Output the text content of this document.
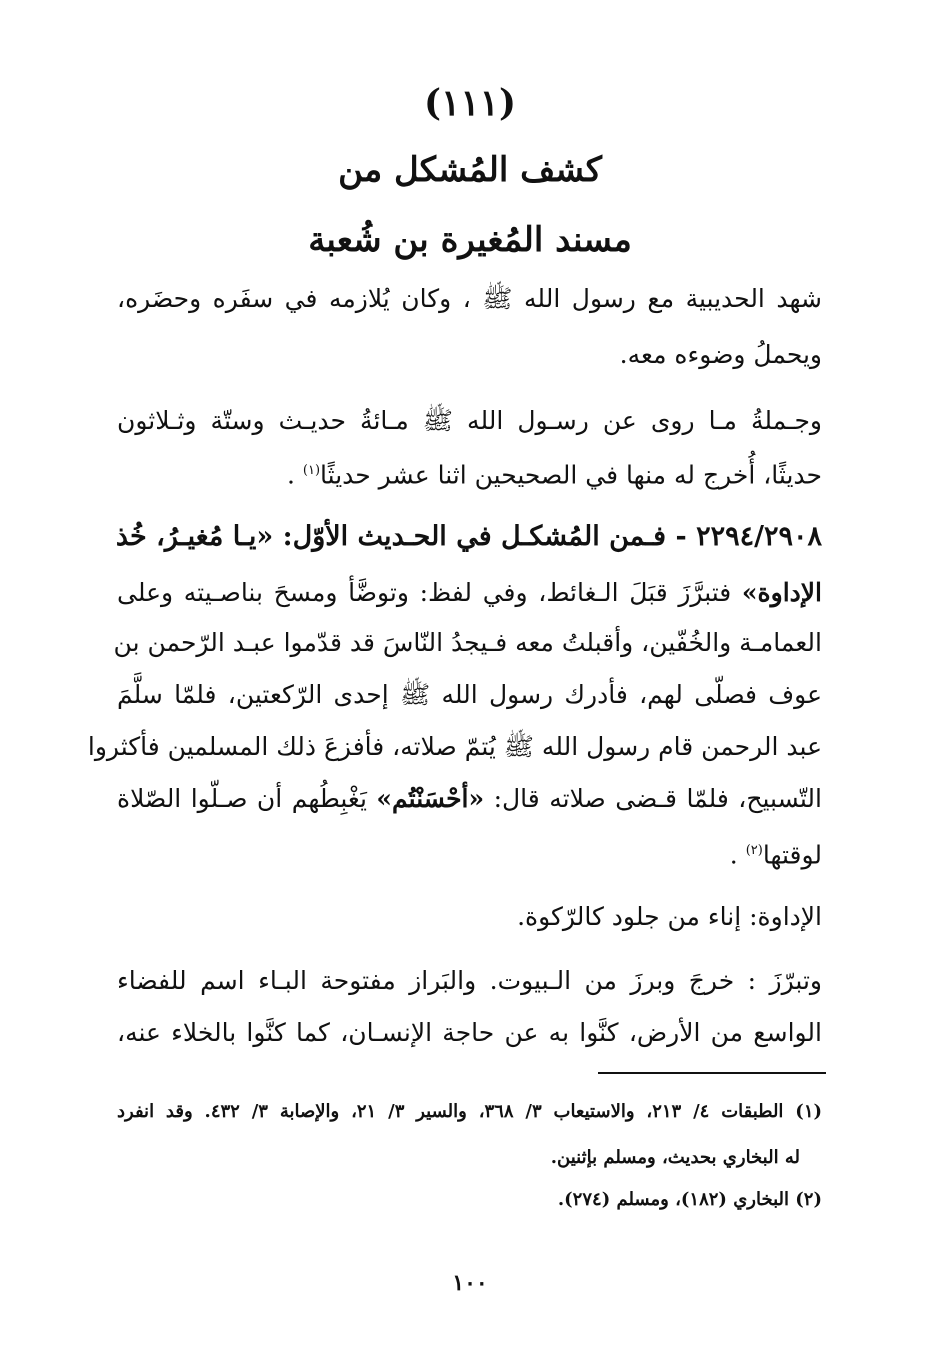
(١١١)
كشف المُشكل من
مسند المُغيرة بن شُعبة
شهد الحديبية مع رسول الله ﷺ ، وكان يُلازمه في سفَره وحضَره،
ويحملُ وضوءه معه.
وجـملةُ مـا روى عن رسـول الله ﷺ مـائةُ حديـث وستّة وثـلاثون
حديثًا، أُخرج له منها في الصحيحين اثنا عشر حديثًا$^{(١)}$ .
٢٢٩٤/٢٩٠٨ - فـمن المُشكـل في الحـديث الأوّل: «يـا مُغيـرُ، خُذ
الإداوة» فتبرَّزَ قبَلَ الـغائط، وفي لفظ: وتوضَّأ ومسحَ بناصـيته وعلى
العمامـة والخُفّين، وأقبلتُ معه فـيجدُ النّاسَ قد قدّموا عبـد الرّحمن بن
عوف فصلّى لهم، فأدرك رسول الله ﷺ إحدى الرّكعتين، فلمّا سلَّمَ
عبد الرحمن قام رسول الله ﷺ يُتمّ صلاته، فأفزعَ ذلك المسلمين فأكثروا
التّسبيح، فلمّا قـضى صلاته قال: «أحْسَنْتُم» يَغْبِطُهم أن صـلّوا الصّلاة
لوقتها$^{(٢)}$ .
الإداوة: إناء من جلود كالرّكوة.
وتبرّزَ : خرجَ وبرزَ من الـبيوت. والبَراز مفتوحة البـاء اسم للفضاء
الواسع من الأرض، كنَّوا به عن حاجة الإنسـان، كما كنَّوا بالخلاء عنه،
(١) الطبقات ٤/ ٢١٣، والاستيعاب ٣/ ٣٦٨، والسير ٣/ ٢١، والإصابة ٣/ ٤٣٢. وقد انفرد
له البخاري بحديث، ومسلم بإثنين.
(٢) البخاري (١٨٢)، ومسلم (٢٧٤).
١٠٠
